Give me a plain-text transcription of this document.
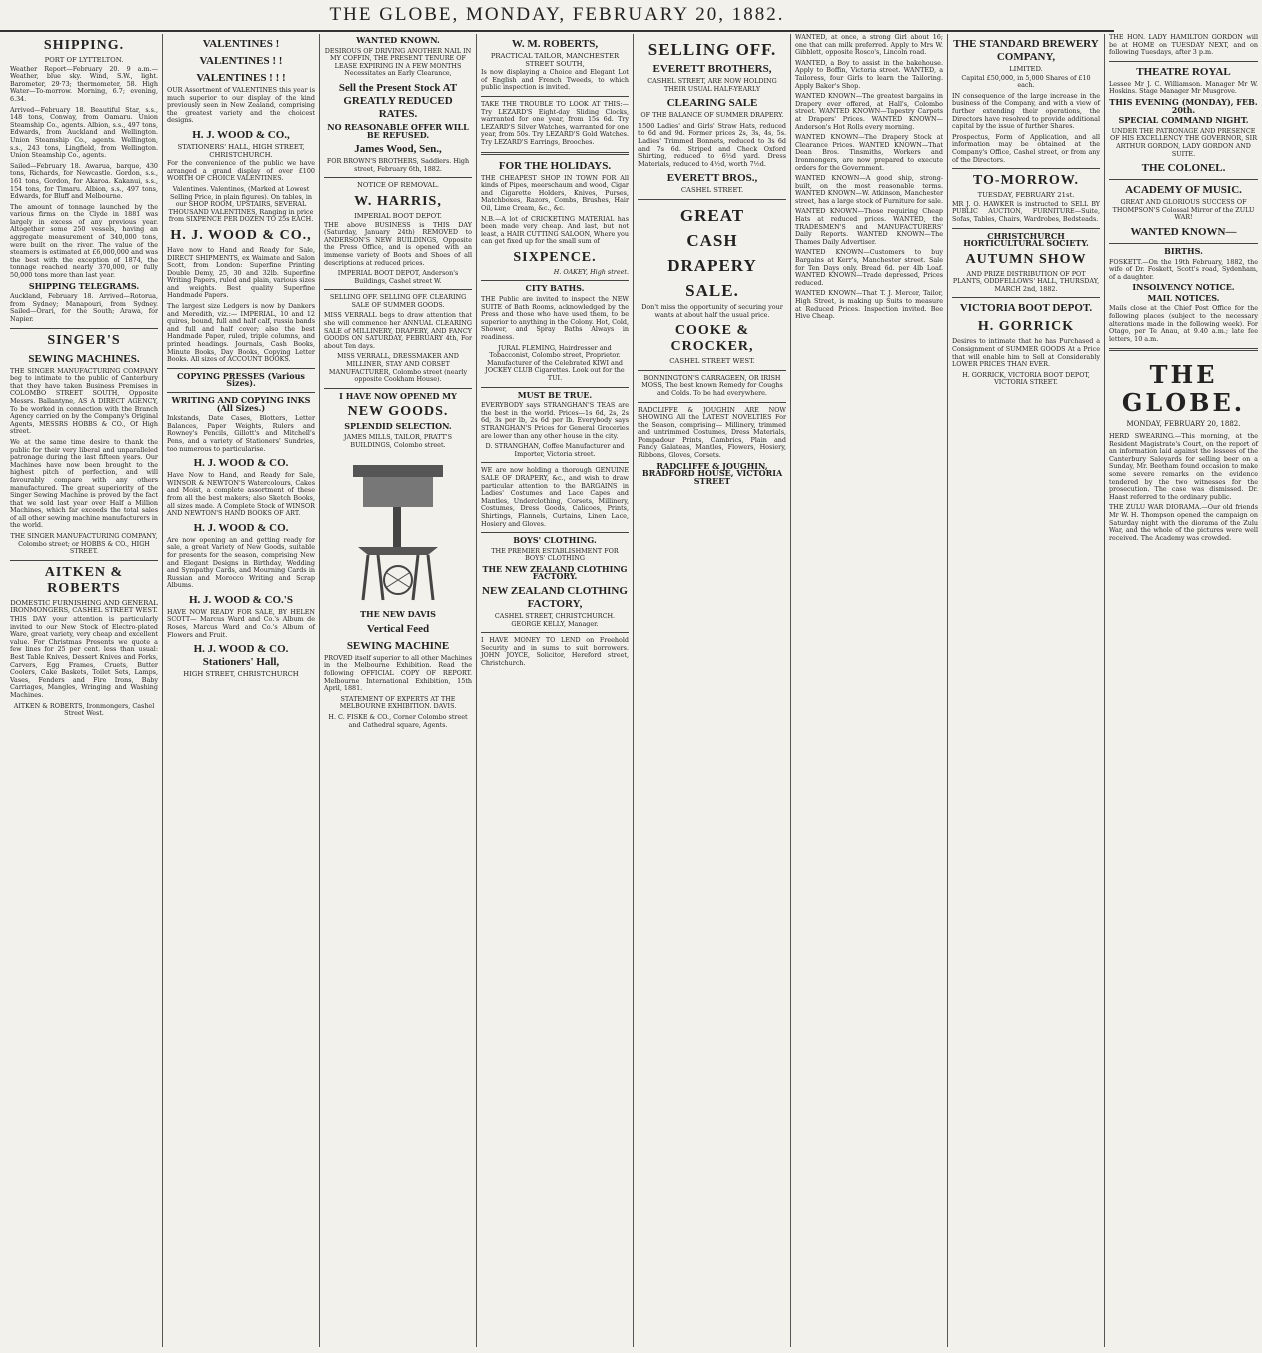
THE GLOBE, MONDAY, FEBRUARY 20, 1882.
SHIPPING.
PORT OF LYTTELTON.

Weather Report—February 20. 9 a.m.—Weather, blue sky. Wind, S.W., light. Barometer, 29·73; thermometer, 58. High Water—To-morrow. Morning, 6.7; evening, 6.34.

Arrived—February 18. Beautiful Star, s.s., 148 tons, Conway, from Oamaru. Union Steamship Co., agents. Albion, s.s., 497 tons, Edwards, from Auckland and Wellington. Union Steamship Co., agents. Wellington, s.s., 243 tons, Lingfield, from Wellington. Union Steamship Co., agents.

Sailed—February 18. Awarua, barque, 430 tons, Richards, for Newcastle. Gordon, s.s., 161 tons, Gordon, for Akaroa. Kakanui, s.s., 154 tons, for Timaru. Albion, s.s., 497 tons, Edwards, for Bluff and Melbourne.

The amount of tonnage launched by the various firms on the Clyde in 1881 was largely in excess of any previous year. Altogether some 250 vessels, having an aggregate measurement of 340,000 tons, were built on the river. The value of the steamers is estimated at £6,000,000 and was the best with the exception of 1874, the tonnage reached nearly 370,000, or fully 50,000 tons more than last year.

SHIPPING TELEGRAMS.

Auckland, February 18. Arrived—Rotorua, from Sydney; Manapouri, from Sydney. Sailed—Orari, for the South; Arawa, for Napier.

SINGER'S
SEWING MACHINES.

THE SINGER MANUFACTURING COMPANY beg to intimate to the public of Canterbury that they have taken Business Premises in COLOMBO STREET SOUTH, Opposite Messrs. Ballantyne, AS A DIRECT AGENCY, To be worked in connection with the Branch Agency carried on by the Company's Original Agents, MESSRS HOBBS & CO., Of High street.

We at the same time desire to thank the public for their very liberal and unparalleled patronage during the last fifteen years. Our Machines have now been brought to the highest pitch of perfection, and will favourably compare with any others manufactured. The great superiority of the Singer Sewing Machine is proved by the fact that we sold last year over Half a Million Machines, which far exceeds the total sales of all other sewing machine manufacturers in the world.

THE SINGER MANUFACTURING COMPANY, Colombo street; or HOBBS & CO., HIGH STREET.

AITKEN & ROBERTS
DOMESTIC FURNISHING AND GENERAL IRONMONGERS, CASHEL STREET WEST.

THIS DAY your attention is particularly invited to our New Stock of Electro-plated Ware, great variety, very cheap and excellent value. For Christmas Presents we quote a few lines for 25 per cent. less than usual: Best Table Knives, Dessert Knives and Forks, Carvers, Egg Frames, Cruets, Butter Coolers, Cake Baskets, Toilet Sets, Lamps, Vases, Fenders and Fire Irons, Baby Carriages, Mangles, Wringing and Washing Machines.

AITKEN & ROBERTS, Ironmongers, Cashel Street West.

VALENTINES !
VALENTINES ! !
VALENTINES ! ! !

OUR Assortment of VALENTINES this year is much superior to our display of the kind previously seen in New Zealand, comprising the greatest variety and the choicest designs.

H. J. WOOD & CO.,
STATIONERS' HALL, HIGH STREET, CHRISTCHURCH.

For the convenience of the public we have arranged a grand display of over £100 WORTH OF CHOICE VALENTINES.

Valentines. Valentines, (Marked at Lowest Selling Price, in plain figures). On tables, in our SHOP ROOM, UPSTAIRS, SEVERAL THOUSAND VALENTINES, Ranging in price from SIXPENCE PER DOZEN TO 25s EACH.

H. J. WOOD & CO.,

Have now to Hand and Ready for Sale, DIRECT SHIPMENTS, ex Waimate and Salon Scott, from London: Superfine Printing Double Demy, 25, 30 and 32lb. Superfine Writing Papers, ruled and plain, various sizes and weights. Best quality Superfine Handmade Papers.

The largest size Ledgers is now by Dankers and Meredith, viz.:— IMPERIAL, 10 and 12 quires, bound, full and half calf, russia bands and full and half cover; also the best Handmade Paper, ruled, triple columns, and printed headings. Journals, Cash Books, Minute Books, Day Books, Copying Letter Books. All sizes of ACCOUNT BOOKS.

COPYING PRESSES (Various Sizes).
WRITING AND COPYING INKS (All Sizes.)

Inkstands, Date Cases, Blotters, Letter Balances, Paper Weights, Rulers and Rowney's Pencils, Gillott's and Mitchell's Pens, and a variety of Stationers' Sundries, too numerous to particularise.

H. J. WOOD & CO.

Have Now to Hand, and Ready for Sale, WINSOR & NEWTON'S Watercolours, Cakes and Moist, a complete assortment of these from all the best makers; also Sketch Books, all sizes made. A Complete Stock of WINSOR AND NEWTON'S HAND BOOKS OF ART.

H. J. WOOD & CO.

Are now opening an and getting ready for sale, a great Variety of New Goods, suitable for presents for the season, comprising New and Elegant Designs in Birthday, Wedding and Sympathy Cards, and Mourning Cards in Russian and Morocco Writing and Scrap Albums.

H. J. WOOD & CO.'S

HAVE NOW READY FOR SALE, BY HELEN SCOTT— Marcus Ward and Co.'s Album de Roses, Marcus Ward and Co.'s Album of Flowers and Fruit.

H. J. WOOD & CO. Stationers' Hall,
HIGH STREET, CHRISTCHURCH
WANTED KNOWN.

DESIROUS OF DRIVING ANOTHER NAIL IN MY COFFIN, THE PRESENT TENURE OF LEASE EXPIRING IN A FEW MONTHS Necessitates an Early Clearance,

Sell the Present Stock AT GREATLY REDUCED RATES.
NO REASONABLE OFFER WILL BE REFUSED.
James Wood, Sen.,

FOR BROWN'S BROTHERS, Saddlers. High street, February 6th, 1882.

NOTICE OF REMOVAL.
W. HARRIS,
IMPERIAL BOOT DEPOT.

THE above BUSINESS is THIS DAY (Saturday, January 24th) REMOVED to ANDERSON'S NEW BUILDINGS, Opposite the Press Office, and is opened with an immense variety of Boots and Shoes of all descriptions at reduced prices.

IMPERIAL BOOT DEPOT, Anderson's Buildings, Cashel street W.

SELLING OFF. SELLING OFF. CLEARING SALE OF SUMMER GOODS.

MISS VERRALL begs to draw attention that she will commence her ANNUAL CLEARING SALE of MILLINERY, DRAPERY, AND FANCY GOODS ON SATURDAY, FEBRUARY 4th, For about Ten days.

MISS VERRALL, DRESSMAKER AND MILLINER, STAY AND CORSET MANUFACTURER, Colombo street (nearly opposite Cookham House).

I HAVE NOW OPENED MY
NEW GOODS.
SPLENDID SELECTION.

JAMES MILLS, TAILOR, PRATT'S BUILDINGS, Colombo street.

THE NEW DAVIS
Vertical Feed
SEWING MACHINE

PROVED itself superior to all other Machines in the Melbourne Exhibition. Read the following OFFICIAL COPY OF REPORT. Melbourne International Exhibition, 15th April, 1881.

STATEMENT OF EXPERTS AT THE MELBOURNE EXHIBITION. DAVIS.

H. C. FISKE & CO., Corner Colombo street and Cathedral square, Agents.

W. M. ROBERTS,
PRACTICAL TAILOR, MANCHESTER STREET SOUTH,

Is now displaying a Choice and Elegant Lot of English and French Tweeds, to which public inspection is invited.

TAKE THE TROUBLE TO LOOK AT THIS:— Try LEZARD'S Eight-day Sliding Clocks, warranted for one year, from 15s 6d. Try LEZARD'S Silver Watches, warranted for one year, from 50s. Try LEZARD'S Gold Watches. Try LEZARD'S Earrings, Brooches.

FOR THE HOLIDAYS.

THE CHEAPEST SHOP IN TOWN FOR All kinds of Pipes, meerschaum and wood, Cigar and Cigarette Holders, Knives, Purses, Matchboxes, Razors, Combs, Brushes, Hair Oil, Lime Cream, &c., &c.

N.B.—A lot of CRICKETING MATERIAL has been made very cheap. And last, but not least, a HAIR CUTTING SALOON, Where you can get fixed up for the small sum of

SIXPENCE.

H. OAKEY, High street.

CITY BATHS.

THE Public are invited to inspect the NEW SUITE of Bath Rooms, acknowledged by the Press and those who have used them, to be superior to anything in the Colony. Hot, Cold, Shower, and Spray Baths Always in readiness.

JURAL FLEMING, Hairdresser and Tobacconist, Colombo street, Proprietor. Manufacturer of the Celebrated KIWI and JOCKEY CLUB Cigarettes. Look out for the TUI.

MUST BE TRUE.

EVERYBODY says STRANGHAN'S TEAS are the best in the world. Prices—1s 6d, 2s, 2s 6d, 3s per lb, 2s 6d per lb. Everybody says STRANGHAN'S Prices for General Groceries are lower than any other house in the city.

D. STRANGHAN, Coffee Manufacturer and Importer, Victoria street.

WE are now holding a thorough GENUINE SALE OF DRAPERY, &c., and wish to draw particular attention to the BARGAINS in Ladies' Costumes and Lace Capes and Mantles, Underclothing, Corsets, Millinery, Costumes, Dress Goods, Calicoes, Prints, Shirtings, Flannels, Curtains, Linen Lace, Hosiery and Gloves.

BOYS' CLOTHING.

THE PREMIER ESTABLISHMENT FOR BOYS' CLOTHING

THE NEW ZEALAND CLOTHING FACTORY.
NEW ZEALAND CLOTHING FACTORY,

CASHEL STREET, CHRISTCHURCH. GEORGE KELLY, Manager.

I HAVE MONEY TO LEND on Freehold Security and in sums to suit borrowers. JOHN JOYCE, Solicitor, Hereford street, Christchurch.

SELLING OFF.
EVERETT BROTHERS,

CASHEL STREET, ARE NOW HOLDING THEIR USUAL HALF-YEARLY

CLEARING SALE

OF THE BALANCE OF SUMMER DRAPERY.

1500 Ladies' and Girls' Straw Hats, reduced to 6d and 9d. Former prices 2s, 3s, 4s, 5s. Ladies' Trimmed Bonnets, reduced to 3s 6d and 7s 6d. Striped and Check Oxford Shirting, reduced to 6½d yard. Dress Materials, reduced to 4½d, worth 7½d.

EVERETT BROS.,
CASHEL STREET.
GREAT
CASH
DRAPERY
SALE.

Don't miss the opportunity of securing your wants at about half the usual price.

COOKE & CROCKER,
CASHEL STREET WEST.

BONNINGTON'S CARRAGEEN, OR IRISH MOSS, The best known Remedy for Coughs and Colds. To be had everywhere.

RADCLIFFE & JOUGHIN ARE NOW SHOWING All the LATEST NOVELTIES For the Season, comprising— Millinery, trimmed and untrimmed Costumes, Dress Materials, Pompadour Prints, Cambrics, Plain and Fancy Galateas, Mantles, Flowers, Hosiery, Ribbons, Gloves, Corsets.

RADCLIFFE & JOUGHIN, BRADFORD HOUSE, VICTORIA STREET

WANTED, at once, a strong Girl about 16; one that can milk preferred. Apply to Mrs W. Gibblett, opposite Rosco's, Lincoln road.

WANTED, a Boy to assist in the bakehouse. Apply to Boffin, Victoria street. WANTED, a Tailoress, four Girls to learn the Tailoring. Apply Baker's Shop.

WANTED KNOWN—The greatest bargains in Drapery ever offered, at Hall's, Colombo street. WANTED KNOWN—Tapestry Carpets at Drapers' Prices. WANTED KNOWN—Anderson's Hot Rolls every morning.

WANTED KNOWN—The Drapery Stock at Clearance Prices. WANTED KNOWN—That Dean Bros. Tinsmiths, Workers and Ironmongers, are now prepared to execute orders for the Government.

WANTED KNOWN—A good ship, strong-built, on the most reasonable terms. WANTED KNOWN—W. Atkinson, Manchester street, has a large stock of Furniture for sale.

WANTED KNOWN—Those requiring Cheap Hats at reduced prices. WANTED, the TRADESMEN'S and MANUFACTURERS' Daily Reports. WANTED KNOWN—The Thames Daily Advertiser.

WANTED KNOWN—Customers to buy Bargains at Kerr's, Manchester street. Sale for Ten Days only. Bread 6d. per 4lb Loaf. WANTED KNOWN—Trade depressed, Prices reduced.

WANTED KNOWN—That T. J. Mercer, Tailor, High Street, is making up Suits to measure at Reduced Prices. Inspection invited. Bee Hive Cheap.

THE STANDARD BREWERY COMPANY,
LIMITED.

Capital £50,000, in 5,000 Shares of £10 each.

IN consequence of the large increase in the business of the Company, and with a view of further extending their operations, the Directors have resolved to provide additional capital by the issue of further Shares.

Prospectus, Form of Application, and all information may be obtained at the Company's Office, Cashel street, or from any of the Directors.

TO-MORROW.
TUESDAY, FEBRUARY 21st.

MR J. O. HAWKER is instructed to SELL BY PUBLIC AUCTION, FURNITURE—Suite, Sofas, Tables, Chairs, Wardrobes, Bedsteads.

CHRISTCHURCH HORTICULTURAL SOCIETY.
AUTUMN SHOW

AND PRIZE DISTRIBUTION OF POT PLANTS, ODDFELLOWS' HALL, THURSDAY, MARCH 2nd, 1882.

VICTORIA BOOT DEPOT.
H. GORRICK

Desires to intimate that he has Purchased a Consignment of SUMMER GOODS At a Price that will enable him to Sell at Considerably LOWER PRICES THAN EVER.

H. GORRICK, VICTORIA BOOT DEPOT, VICTORIA STREET.

THE HON. LADY HAMILTON GORDON will be at HOME on TUESDAY NEXT, and on following Tuesdays, after 3 p.m.

THEATRE ROYAL

Lessee Mr J. C. Williamson. Manager Mr W. Hoskins. Stage Manager Mr Musgrove.

THIS EVENING (MONDAY), FEB. 20th.
SPECIAL COMMAND NIGHT.

UNDER THE PATRONAGE AND PRESENCE OF HIS EXCELLENCY THE GOVERNOR, SIR ARTHUR GORDON, LADY GORDON AND SUITE.

THE COLONEL.
ACADEMY OF MUSIC.

GREAT AND GLORIOUS SUCCESS OF THOMPSON'S Colossal Mirror of the ZULU WAR!

WANTED KNOWN—
BIRTHS.

FOSKETT.—On the 19th February, 1882, the wife of Dr. Foskett, Scott's road, Sydenham, of a daughter.

INSOLVENCY NOTICE.
MAIL NOTICES.

Mails close at the Chief Post Office for the following places (subject to the necessary alterations made in the following week). For Otago, per Te Anau, at 9.40 a.m.; late fee letters, 10 a.m.

THE GLOBE.
MONDAY, FEBRUARY 20, 1882.

HERD SWEARING.—This morning, at the Resident Magistrate's Court, on the report of an information laid against the lessees of the Canterbury Saleyards for selling beer on a Sunday, Mr. Beetham found occasion to make some severe remarks on the evidence tendered by the two witnesses for the prosecution. The case was dismissed. Dr. Haast referred to the ordinary public.

THE ZULU WAR DIORAMA.—Our old friends Mr W. H. Thompson opened the campaign on Saturday night with the diorama of the Zulu War, and the whole of the pictures were well received. The Academy was crowded.
